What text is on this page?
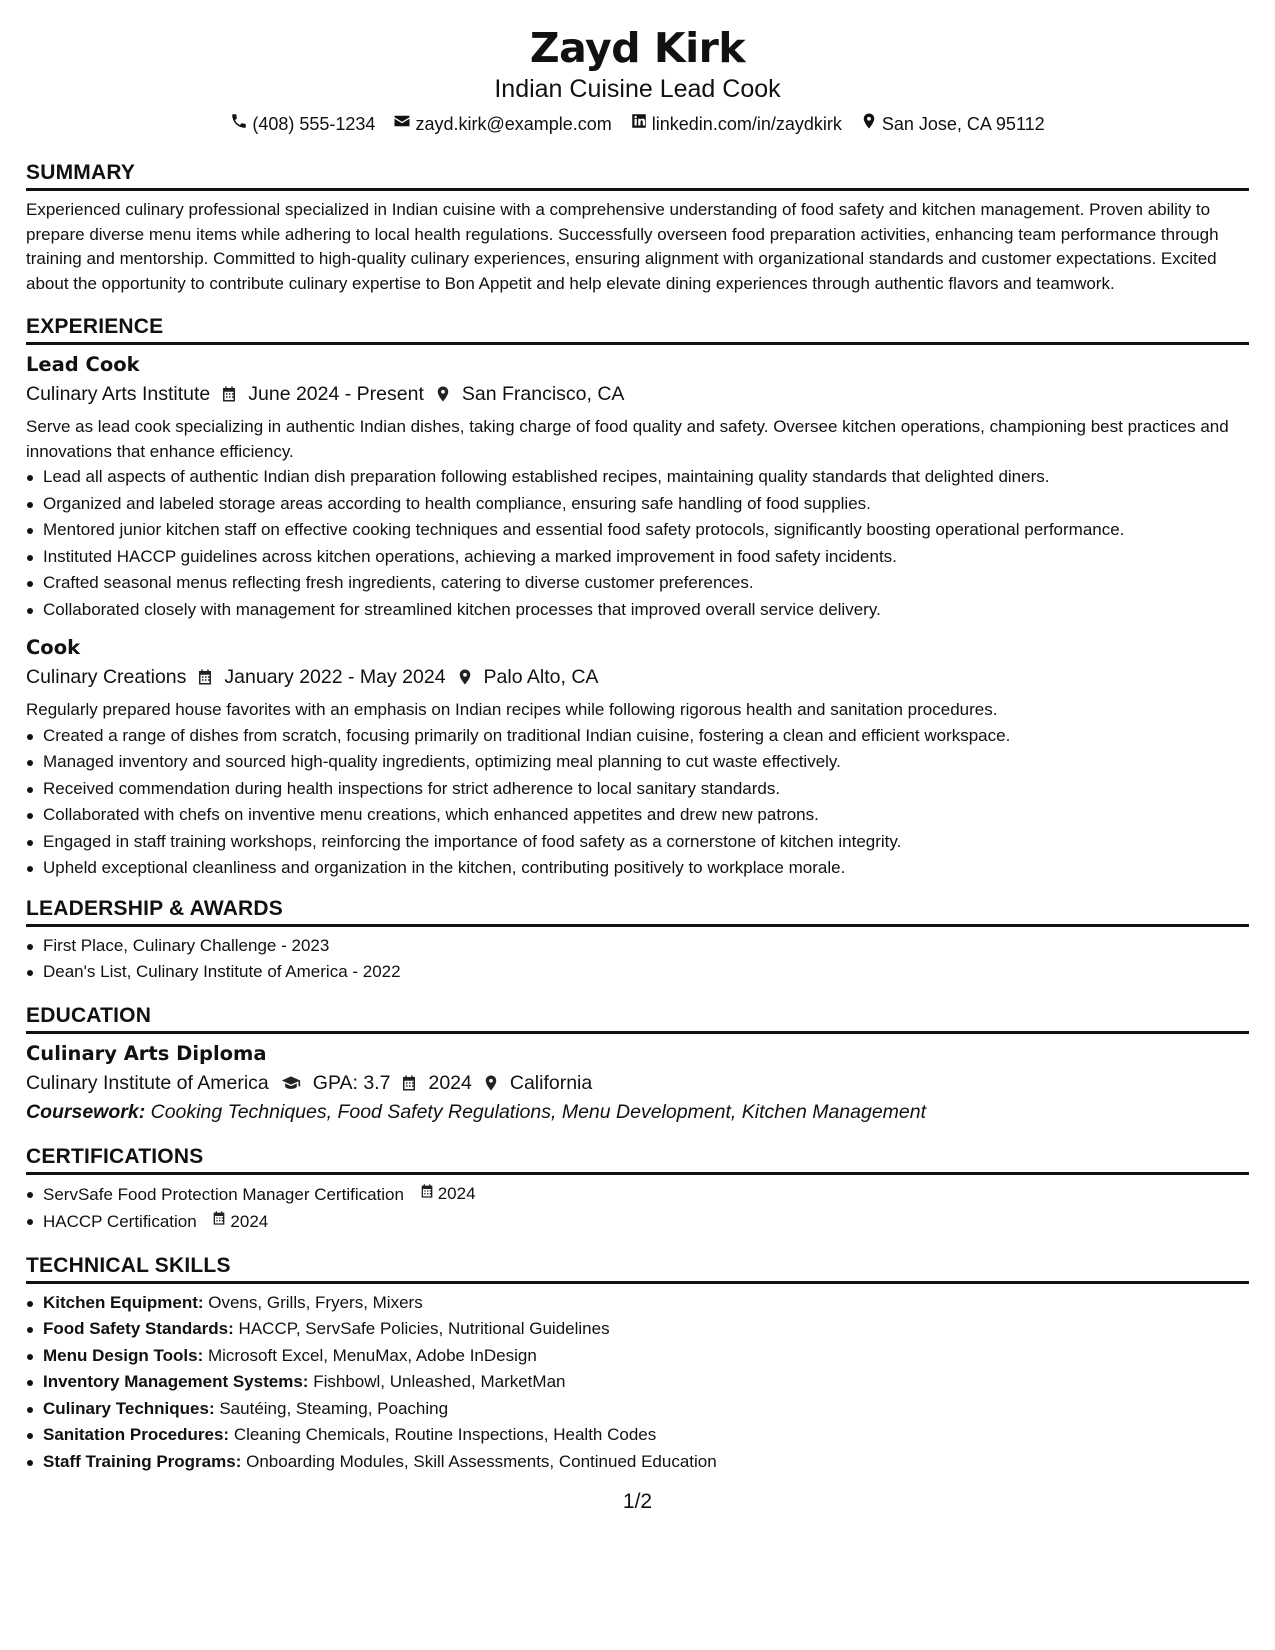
Zayd Kirk
Indian Cuisine Lead Cook
(408) 555-1234 zayd.kirk@example.com linkedin.com/in/zaydkirk San Jose, CA 95112
SUMMARY
Experienced culinary professional specialized in Indian cuisine with a comprehensive understanding of food safety and kitchen management. Proven ability to prepare diverse menu items while adhering to local health regulations. Successfully overseen food preparation activities, enhancing team performance through training and mentorship. Committed to high-quality culinary experiences, ensuring alignment with organizational standards and customer expectations. Excited about the opportunity to contribute culinary expertise to Bon Appetit and help elevate dining experiences through authentic flavors and teamwork.
EXPERIENCE
Lead Cook
Culinary Arts Institute June 2024 - Present San Francisco, CA
Serve as lead cook specializing in authentic Indian dishes, taking charge of food quality and safety. Oversee kitchen operations, championing best practices and innovations that enhance efficiency.
Lead all aspects of authentic Indian dish preparation following established recipes, maintaining quality standards that delighted diners.
Organized and labeled storage areas according to health compliance, ensuring safe handling of food supplies.
Mentored junior kitchen staff on effective cooking techniques and essential food safety protocols, significantly boosting operational performance.
Instituted HACCP guidelines across kitchen operations, achieving a marked improvement in food safety incidents.
Crafted seasonal menus reflecting fresh ingredients, catering to diverse customer preferences.
Collaborated closely with management for streamlined kitchen processes that improved overall service delivery.
Cook
Culinary Creations January 2022 - May 2024 Palo Alto, CA
Regularly prepared house favorites with an emphasis on Indian recipes while following rigorous health and sanitation procedures.
Created a range of dishes from scratch, focusing primarily on traditional Indian cuisine, fostering a clean and efficient workspace.
Managed inventory and sourced high-quality ingredients, optimizing meal planning to cut waste effectively.
Received commendation during health inspections for strict adherence to local sanitary standards.
Collaborated with chefs on inventive menu creations, which enhanced appetites and drew new patrons.
Engaged in staff training workshops, reinforcing the importance of food safety as a cornerstone of kitchen integrity.
Upheld exceptional cleanliness and organization in the kitchen, contributing positively to workplace morale.
LEADERSHIP & AWARDS
First Place, Culinary Challenge - 2023
Dean's List, Culinary Institute of America - 2022
EDUCATION
Culinary Arts Diploma
Culinary Institute of America GPA: 3.7 2024 California
Coursework: Cooking Techniques, Food Safety Regulations, Menu Development, Kitchen Management
CERTIFICATIONS
ServSafe Food Protection Manager Certification 2024
HACCP Certification 2024
TECHNICAL SKILLS
Kitchen Equipment: Ovens, Grills, Fryers, Mixers
Food Safety Standards: HACCP, ServSafe Policies, Nutritional Guidelines
Menu Design Tools: Microsoft Excel, MenuMax, Adobe InDesign
Inventory Management Systems: Fishbowl, Unleashed, MarketMan
Culinary Techniques: Sautéing, Steaming, Poaching
Sanitation Procedures: Cleaning Chemicals, Routine Inspections, Health Codes
Staff Training Programs: Onboarding Modules, Skill Assessments, Continued Education
1/2
